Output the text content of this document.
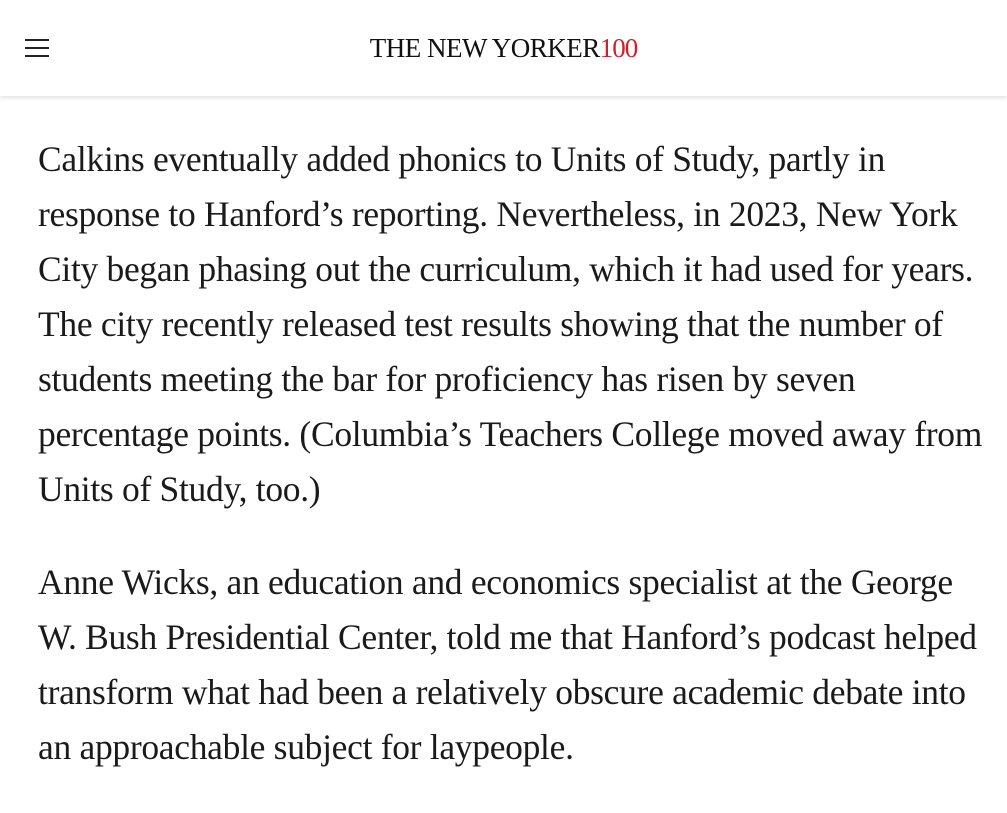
THE NEW YORKER100

Calkins eventually added phonics to Units of Study, partly in response to Hanford’s reporting. Nevertheless, in 2023, New York City began phasing out the curriculum, which it had used for years. The city recently released test results showing that the number of students meeting the bar for proficiency has risen by seven percentage points. (Columbia’s Teachers College moved away from Units of Study, too.)

Anne Wicks, an education and economics specialist at the George W. Bush Presidential Center, told me that Hanford’s podcast helped transform what had been a relatively obscure academic debate into an approachable subject for laypeople.
